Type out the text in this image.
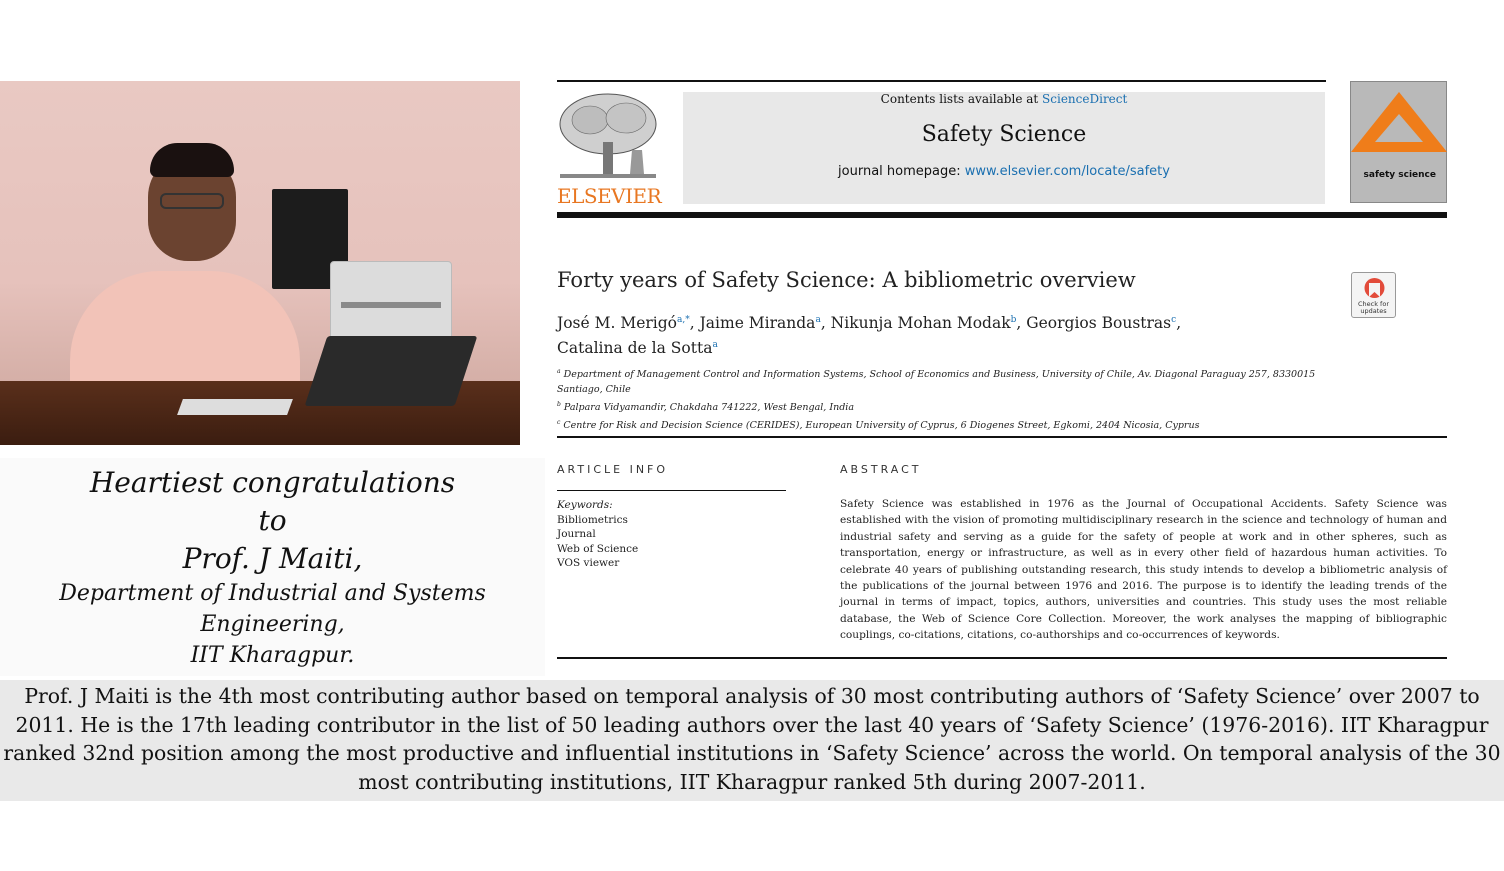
Heartiest congratulations
to
Prof. J Maiti,
Department of Industrial and Systems
Engineering,
IIT Kharagpur.
ELSEVIER
Contents lists available at ScienceDirect
Safety Science
journal homepage: www.elsevier.com/locate/safety	safety science
Forty years of Safety Science: A bibliometric overview
Check for updates
José M. Merigó$^{a,*}$, Jaime Miranda$^a$, Nikunja Mohan Modak$^b$, Georgios Boustras$^c$,
Catalina de la Sotta$^a$
$^a$ Department of Management Control and Information Systems, School of Economics and Business, University of Chile, Av. Diagonal Paraguay 257, 8330015 Santiago, Chile
$^b$ Palpara Vidyamandir, Chakdaha 741222, West Bengal, India
$^c$ Centre for Risk and Decision Science (CERIDES), European University of Cyprus, 6 Diogenes Street, Egkomi, 2404 Nicosia, Cyprus
ARTICLE INFO	ABSTRACT
Keywords:
Bibliometrics
Journal
Web of Science
VOS viewer
Safety Science was established in 1976 as the Journal of Occupational Accidents. Safety Science was established with the vision of promoting multidisciplinary research in the science and technology of human and industrial safety and serving as a guide for the safety of people at work and in other spheres, such as transportation, energy or infrastructure, as well as in every other field of hazardous human activities. To celebrate 40 years of publishing outstanding research, this study intends to develop a bibliometric analysis of the publications of the journal between 1976 and 2016. The purpose is to identify the leading trends of the journal in terms of impact, topics, authors, universities and countries. This study uses the most reliable database, the Web of Science Core Collection. Moreover, the work analyses the mapping of bibliographic couplings, co-citations, citations, co-authorships and co-occurrences of keywords.

Prof. J Maiti is the 4th most contributing author based on temporal analysis of 30 most contributing authors of ‘Safety Science’ over 2007 to 2011. He is the 17th leading contributor in the list of 50 leading authors over the last 40 years of ‘Safety Science’ (1976-2016). IIT Kharagpur ranked 32nd position among the most productive and influential institutions in ‘Safety Science’ across the world. On temporal analysis of the 30 most contributing institutions, IIT Kharagpur ranked 5th during 2007-2011.
